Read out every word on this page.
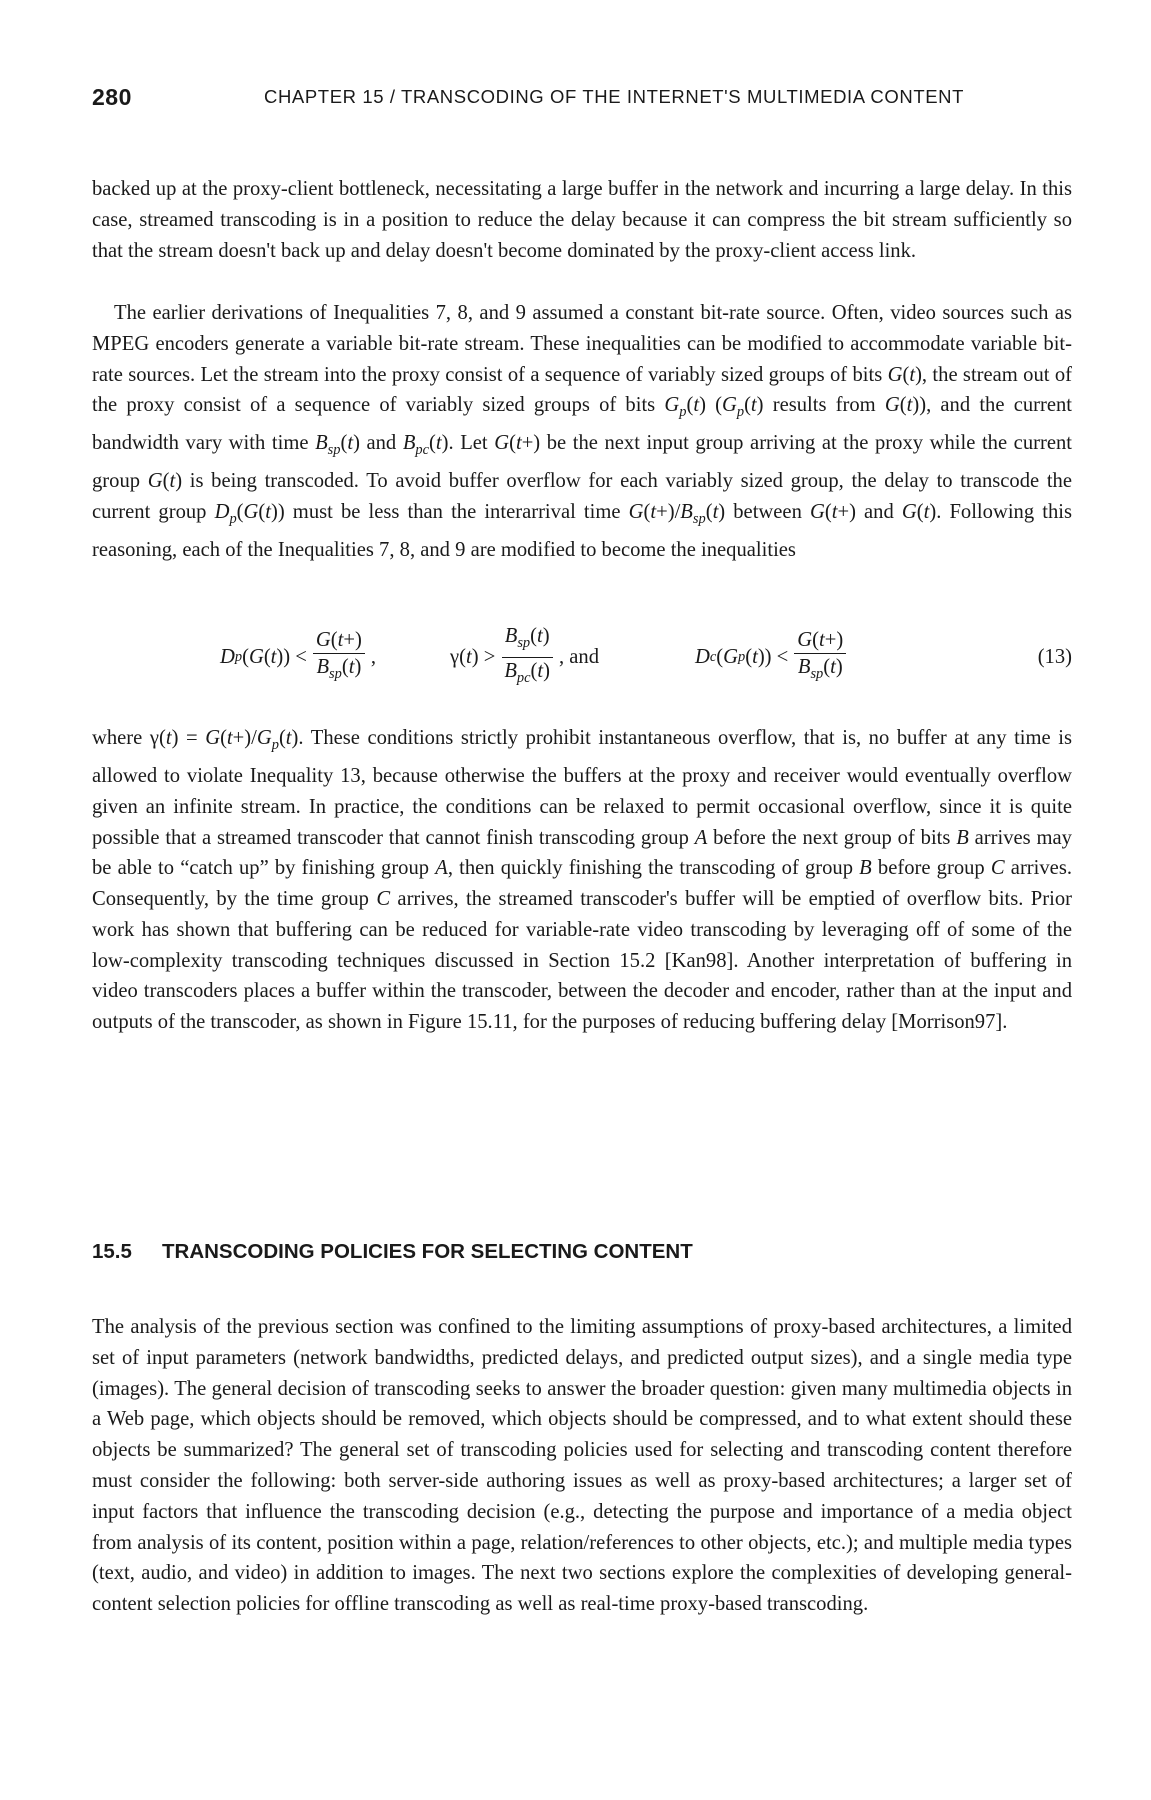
280	CHAPTER 15 / TRANSCODING OF THE INTERNET'S MULTIMEDIA CONTENT

backed up at the proxy-client bottleneck, necessitating a large buffer in the network and incurring a large delay. In this case, streamed transcoding is in a position to reduce the delay because it can compress the bit stream sufficiently so that the stream doesn't back up and delay doesn't become dominated by the proxy-client access link.

The earlier derivations of Inequalities 7, 8, and 9 assumed a constant bit-rate source. Often, video sources such as MPEG encoders generate a variable bit-rate stream. These inequalities can be modified to accommodate variable bit-rate sources. Let the stream into the proxy consist of a sequence of variably sized groups of bits G(t), the stream out of the proxy consist of a sequence of variably sized groups of bits $G_p(t)$ ($G_p(t)$ results from G(t)), and the current bandwidth vary with time $B_{sp}(t)$ and $B_{pc}(t)$. Let G(t+) be the next input group arriving at the proxy while the current group G(t) is being transcoded. To avoid buffer overflow for each variably sized group, the delay to transcode the current group $D_p(G(t))$ must be less than the interarrival time $G(t+)/B_{sp}(t)$ between G(t+) and G(t). Following this reasoning, each of the Inequalities 7, 8, and 9 are modified to become the inequalities

D p ( G ( t )) < $\frac{G(t+)}{B_{sp}(t)}$ ,	γ( t ) > $\frac{B_{sp}(t)}{B_{pc}(t)}$ , and	D c ( G p ( t )) < $\frac{G(t+)}{B_{sp}(t)}$	(13)

where $\gamma(t) = G(t+)/G_p(t)$. These conditions strictly prohibit instantaneous overflow, that is, no buffer at any time is allowed to violate Inequality 13, because otherwise the buffers at the proxy and receiver would eventually overflow given an infinite stream. In practice, the conditions can be relaxed to permit occasional overflow, since it is quite possible that a streamed transcoder that cannot finish transcoding group A before the next group of bits B arrives may be able to “catch up” by finishing group A, then quickly finishing the transcoding of group B before group C arrives. Consequently, by the time group C arrives, the streamed transcoder's buffer will be emptied of overflow bits. Prior work has shown that buffering can be reduced for variable-rate video transcoding by leveraging off of some of the low-complexity transcoding techniques discussed in Section 15.2 [Kan98]. Another interpretation of buffering in video transcoders places a buffer within the transcoder, between the decoder and encoder, rather than at the input and outputs of the transcoder, as shown in Figure 15.11, for the purposes of reducing buffering delay [Morrison97].

15.5 TRANSCODING POLICIES FOR SELECTING CONTENT

The analysis of the previous section was confined to the limiting assumptions of proxy-based architectures, a limited set of input parameters (network bandwidths, predicted delays, and predicted output sizes), and a single media type (images). The general decision of transcoding seeks to answer the broader question: given many multimedia objects in a Web page, which objects should be removed, which objects should be compressed, and to what extent should these objects be summarized? The general set of transcoding policies used for selecting and transcoding content therefore must consider the following: both server-side authoring issues as well as proxy-based architectures; a larger set of input factors that influence the transcoding decision (e.g., detecting the purpose and importance of a media object from analysis of its content, position within a page, relation/references to other objects, etc.); and multiple media types (text, audio, and video) in addition to images. The next two sections explore the complexities of developing general-content selection policies for offline transcoding as well as real-time proxy-based transcoding.
